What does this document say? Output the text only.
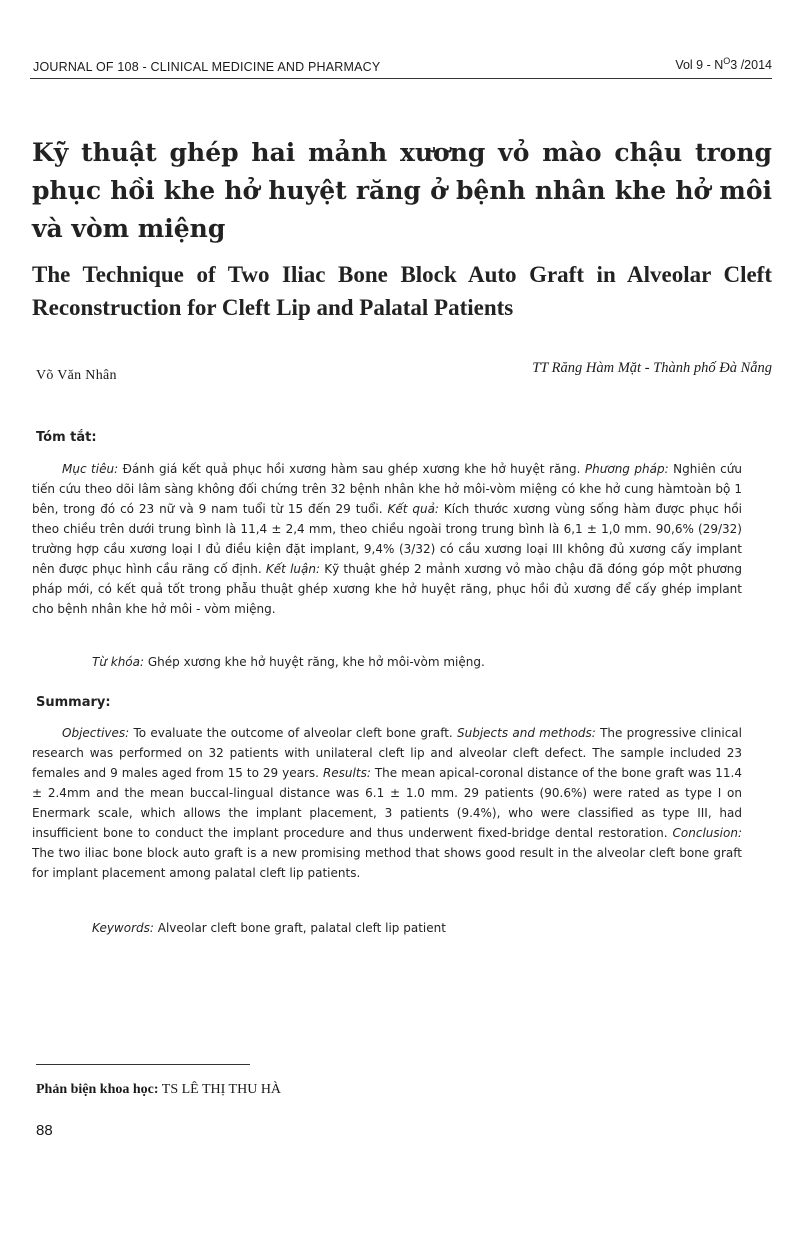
JOURNAL OF 108 - CLINICAL MEDICINE AND PHARMACY	Vol $9 - N^O3$ /2014
Kỹ thuật ghép hai mảnh xương vỏ mào chậu trong phục hồi khe hở huyệt răng ở bệnh nhân khe hở môi và vòm miệng
The Technique of Two Iliac Bone Block Auto Graft in Alveolar Cleft Reconstruction for Cleft Lip and Palatal Patients
Võ Văn Nhân	TT Răng Hàm Mặt - Thành phố Đà Nẵng
Tóm tắt:
Mục tiêu: Đánh giá kết quả phục hồi xương hàm sau ghép xương khe hở huyệt răng. Phương pháp: Nghiên cứu tiến cứu theo dõi lâm sàng không đối chứng trên 32 bệnh nhân khe hở môi-vòm miệng có khe hở cung hàmtoàn bộ 1 bên, trong đó có 23 nữ và 9 nam tuổi từ 15 đến 29 tuổi. Kết quả: Kích thước xương vùng sống hàm được phục hồi theo chiều trên dưới trung bình là 11,4 ± 2,4 mm, theo chiều ngoài trong trung bình là 6,1 ± 1,0 mm. 90,6% (29/32) trường hợp cầu xương loại I đủ điều kiện đặt implant, 9,4% (3/32) có cầu xương loại III không đủ xương cấy implant nên được phục hình cầu răng cố định. Kết luận: Kỹ thuật ghép 2 mảnh xương vỏ mào chậu đã đóng góp một phương pháp mới, có kết quả tốt trong phẫu thuật ghép xương khe hở huyệt răng, phục hồi đủ xương để cấy ghép implant cho bệnh nhân khe hở môi - vòm miệng.
Từ khóa: Ghép xương khe hở huyệt răng, khe hở môi-vòm miệng.
Summary:
Objectives: To evaluate the outcome of alveolar cleft bone graft. Subjects and methods: The progressive clinical research was performed on 32 patients with unilateral cleft lip and alveolar cleft defect. The sample included 23 females and 9 males aged from 15 to 29 years. Results: The mean apical-coronal distance of the bone graft was 11.4 ± 2.4mm and the mean buccal-lingual distance was 6.1 ± 1.0 mm. 29 patients (90.6%) were rated as type I on Enermark scale, which allows the implant placement, 3 patients (9.4%), who were classified as type III, had insufficient bone to conduct the implant procedure and thus underwent fixed-bridge dental restoration. Conclusion: The two iliac bone block auto graft is a new promising method that shows good result in the alveolar cleft bone graft for implant placement among palatal cleft lip patients.
Keywords: Alveolar cleft bone graft, palatal cleft lip patient
Phản biện khoa học: TS LÊ THỊ THU HÀ
88
